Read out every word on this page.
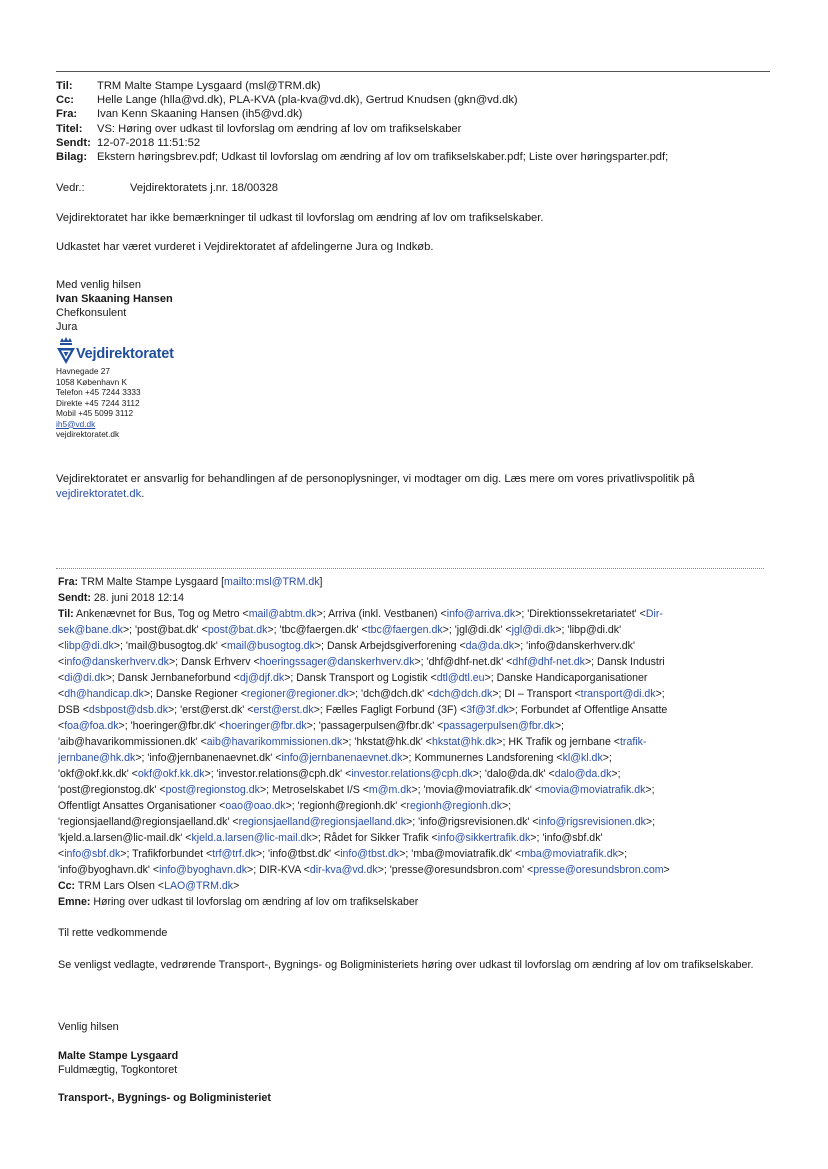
Til: TRM Malte Stampe Lysgaard (msl@TRM.dk)
Cc: Helle Lange (hlla@vd.dk), PLA-KVA (pla-kva@vd.dk), Gertrud Knudsen (gkn@vd.dk)
Fra: Ivan Kenn Skaaning Hansen (ih5@vd.dk)
Titel: VS: Høring over udkast til lovforslag om ændring af lov om trafikselskaber
Sendt: 12-07-2018 11:51:52
Bilag: Ekstern høringsbrev.pdf; Udkast til lovforslag om ændring af lov om trafikselskaber.pdf; Liste over høringsparter.pdf;
Vedr.:	Vejdirektoratets j.nr. 18/00328
Vejdirektoratet har ikke bemærkninger til udkast til lovforslag om ændring af lov om trafikselskaber.
Udkastet har været vurderet i Vejdirektoratet af afdelingerne Jura og Indkøb.
Med venlig hilsen
Ivan Skaaning Hansen
Chefkonsulent
Jura
Vejdirektoratet
Havnegade 27
1058 København K
Telefon +45 7244 3333
Direkte +45 7244 3112
Mobil +45 5099 3112
ih5@vd.dk
vejdirektoratet.dk
Vejdirektoratet er ansvarlig for behandlingen af de personoplysninger, vi modtager om dig. Læs mere om vores privatlivspolitik på vejdirektoratet.dk.
Fra: TRM Malte Stampe Lysgaard [mailto:msl@TRM.dk]
Sendt: 28. juni 2018 12:14
Til: Ankenævnet for Bus, Tog og Metro <mail@abtm.dk>; Arriva (inkl. Vestbanen) <info@arriva.dk>; 'Direktionssekretariatet' <Dir-
sek@bane.dk>; 'post@bat.dk' <post@bat.dk>; 'tbc@faergen.dk' <tbc@faergen.dk>; 'jgl@di.dk' <jgl@di.dk>; 'libp@di.dk'
<libp@di.dk>; 'mail@busogtog.dk' <mail@busogtog.dk>; Dansk Arbejdsgiverforening <da@da.dk>; 'info@danskerhverv.dk'
<info@danskerhverv.dk>; Dansk Erhverv <hoeringssager@danskerhverv.dk>; 'dhf@dhf-net.dk' <dhf@dhf-net.dk>; Dansk Industri
<di@di.dk>; Dansk Jernbaneforbund <dj@djf.dk>; Dansk Transport og Logistik <dtl@dtl.eu>; Danske Handicaporganisationer
<dh@handicap.dk>; Danske Regioner <regioner@regioner.dk>; 'dch@dch.dk' <dch@dch.dk>; DI – Transport <transport@di.dk>;
DSB <dsbpost@dsb.dk>; 'erst@erst.dk' <erst@erst.dk>; Fælles Fagligt Forbund (3F) <3f@3f.dk>; Forbundet af Offentlige Ansatte
<foa@foa.dk>; 'hoeringer@fbr.dk' <hoeringer@fbr.dk>; 'passagerpulsen@fbr.dk' <passagerpulsen@fbr.dk>;
'aib@havarikommissionen.dk' <aib@havarikommissionen.dk>; 'hkstat@hk.dk' <hkstat@hk.dk>; HK Trafik og jernbane <trafik-
jernbane@hk.dk>; 'info@jernbanenaevnet.dk' <info@jernbanenaevnet.dk>; Kommunernes Landsforening <kl@kl.dk>;
'okf@okf.kk.dk' <okf@okf.kk.dk>; 'investor.relations@cph.dk' <investor.relations@cph.dk>; 'dalo@da.dk' <dalo@da.dk>;
'post@regionstog.dk' <post@regionstog.dk>; Metroselskabet I/S <m@m.dk>; 'movia@moviatrafik.dk' <movia@moviatrafik.dk>;
Offentligt Ansattes Organisationer <oao@oao.dk>; 'regionh@regionh.dk' <regionh@regionh.dk>;
'regionsjaelland@regionsjaelland.dk' <regionsjaelland@regionsjaelland.dk>; 'info@rigsrevisionen.dk' <info@rigsrevisionen.dk>;
'kjeld.a.larsen@lic-mail.dk' <kjeld.a.larsen@lic-mail.dk>; Rådet for Sikker Trafik <info@sikkertrafik.dk>; 'info@sbf.dk'
<info@sbf.dk>; Trafikforbundet <trf@trf.dk>; 'info@tbst.dk' <info@tbst.dk>; 'mba@moviatrafik.dk' <mba@moviatrafik.dk>;
'info@byoghavn.dk' <info@byoghavn.dk>; DIR-KVA <dir-kva@vd.dk>; 'presse@oresundsbron.com' <presse@oresundsbron.com>
Cc: TRM Lars Olsen <LAO@TRM.dk>
Emne: Høring over udkast til lovforslag om ændring af lov om trafikselskaber
Til rette vedkommende
Se venligst vedlagte, vedrørende Transport-, Bygnings- og Boligministeriets høring over udkast til lovforslag om ændring af lov om trafikselskaber.
Venlig hilsen
Malte Stampe Lysgaard
Fuldmægtig, Togkontoret
Transport-, Bygnings- og Boligministeriet
